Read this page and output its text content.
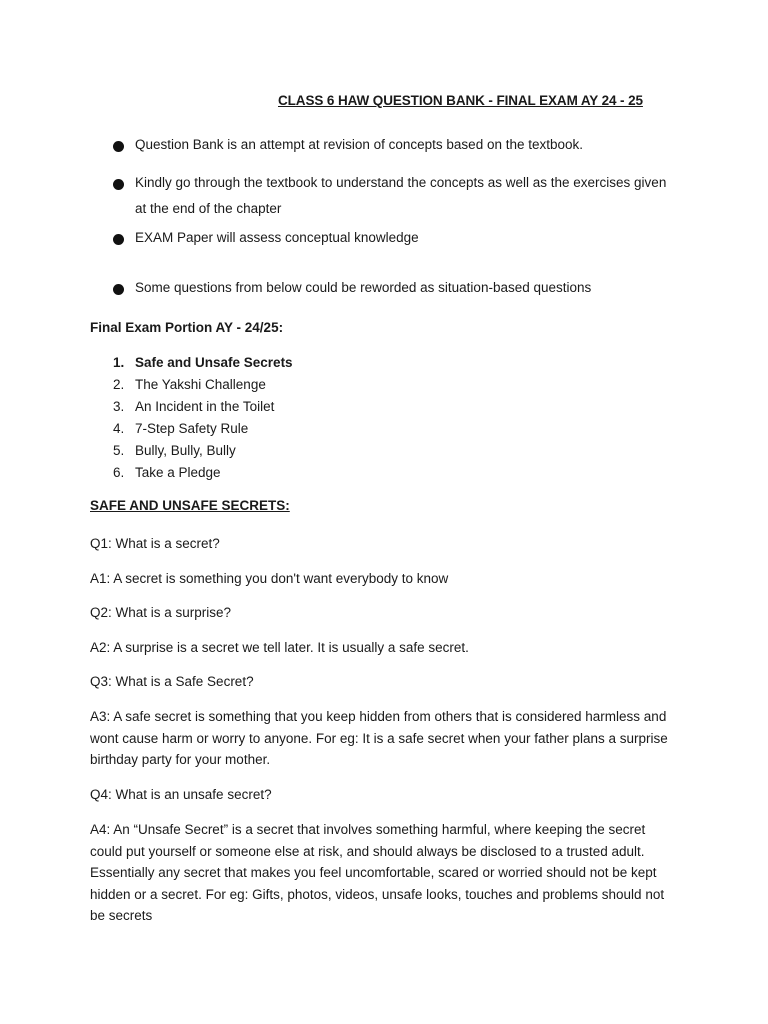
CLASS 6 HAW QUESTION BANK - FINAL EXAM AY 24 - 25
Question Bank is an attempt at revision of concepts based on the textbook.
Kindly go through the textbook to understand the concepts as well as the exercises given at the end of the chapter
EXAM Paper will assess conceptual knowledge
Some questions from below could be reworded as situation-based questions
Final Exam Portion AY - 24/25:
1. Safe and Unsafe Secrets
2. The Yakshi Challenge
3. An Incident in the Toilet
4. 7-Step Safety Rule
5. Bully, Bully, Bully
6. Take a Pledge
SAFE AND UNSAFE SECRETS:
Q1: What is a secret?
A1: A secret is something you don't want everybody to know
Q2: What is a surprise?
A2: A surprise is a secret we tell later. It is usually a safe secret.
Q3: What is a Safe Secret?
A3: A safe secret is something that you keep hidden from others that is considered harmless and wont cause harm or worry to anyone. For eg: It is a safe secret when your father plans a surprise birthday party for your mother.
Q4: What is an unsafe secret?
A4: An “Unsafe Secret” is a secret that involves something harmful, where keeping the secret could put yourself or someone else at risk, and should always be disclosed to a trusted adult. Essentially any secret that makes you feel uncomfortable, scared or worried should not be kept hidden or a secret. For eg: Gifts, photos, videos, unsafe looks, touches and problems should not be secrets
